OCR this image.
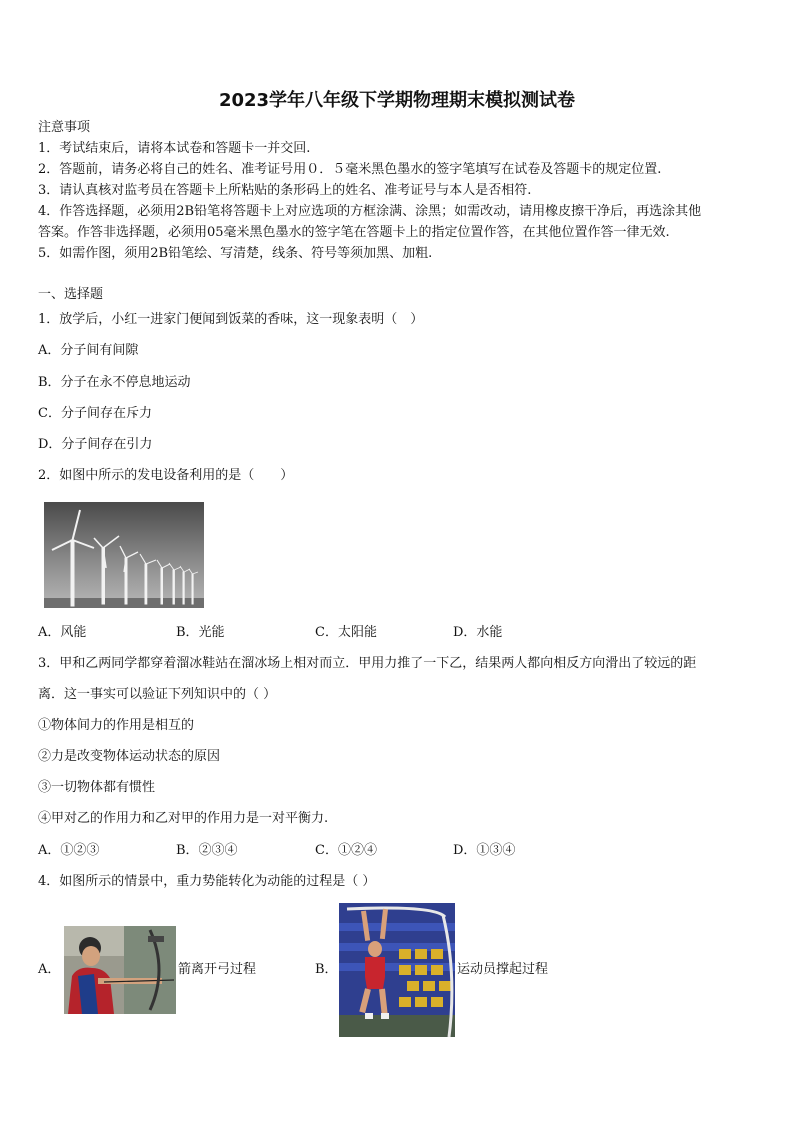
2023学年八年级下学期物理期末模拟测试卷
注意事项
1．考试结束后，请将本试卷和答题卡一并交回.
2．答题前，请务必将自己的姓名、准考证号用０．５毫米黑色墨水的签字笔填写在试卷及答题卡的规定位置.
3．请认真核对监考员在答题卡上所粘贴的条形码上的姓名、准考证号与本人是否相符.
4．作答选择题，必须用2B铅笔将答题卡上对应选项的方框涂满、涂黑；如需改动，请用橡皮擦干净后，再选涂其他
答案。作答非选择题，必须用05毫米黑色墨水的签字笔在答题卡上的指定位置作答，在其他位置作答一律无效.
5．如需作图，须用2B铅笔绘、写清楚，线条、符号等须加黑、加粗.
一、选择题
1．放学后，小红一进家门便闻到饭菜的香味，这一现象表明（　）
A．分子间有间隙
B．分子在永不停息地运动
C．分子间存在斥力
D．分子间存在引力
2．如图中所示的发电设备利用的是（　　）
A．风能	B．光能	C．太阳能	D．水能
3．甲和乙两同学都穿着溜冰鞋站在溜冰场上相对而立．甲用力推了一下乙，结果两人都向相反方向滑出了较远的距
离．这一事实可以验证下列知识中的（ ）
①物体间力的作用是相互的
②力是改变物体运动状态的原因
③一切物体都有惯性
④甲对乙的作用力和乙对甲的作用力是一对平衡力.
A．①②③	B．②③④	C．①②④	D．①③④
4．如图所示的情景中，重力势能转化为动能的过程是（ ）
A．	箭离开弓过程	B．	运动员撑起过程
